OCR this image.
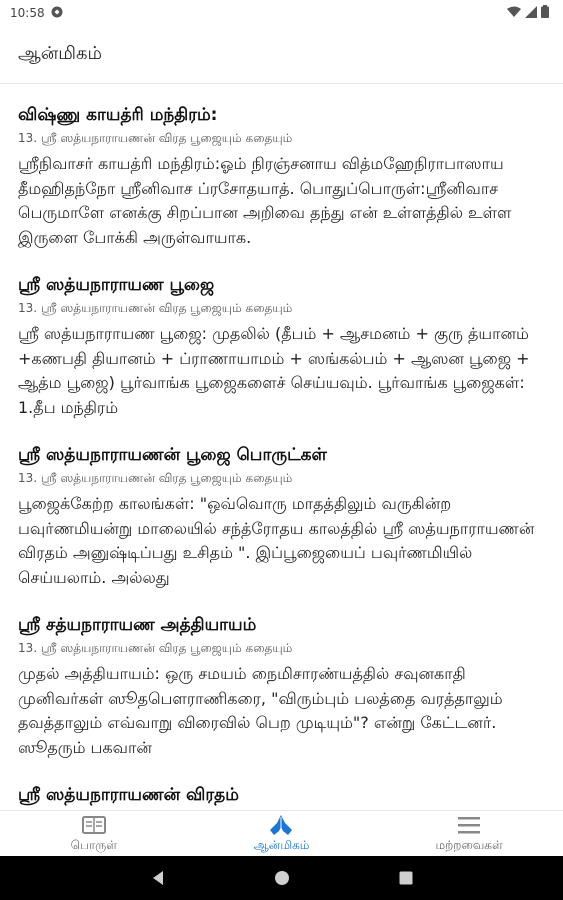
10:58
ஆன்மிகம்
விஷ்ணு காயத்ரி மந்திரம்:
13. ஸ்ரீ ஸத்யநாராயணன் விரத பூஜையும் கதையும்
ஸ்ரீநிவாசர் காயத்ரி மந்திரம்:ஓம் நிரஞ்சனாய வித்மஹேநிராபாஸாய தீமஹிதந்நோ ஸ்ரீனிவாச ப்ரசோதயாத். பொதுப்பொருள்:ஸ்ரீனிவாச பெருமாளே எனக்கு சிறப்பான அறிவை தந்து என் உள்ளத்தில் உள்ள இருளை போக்கி அருள்வாயாக.
ஸ்ரீ ஸத்யநாராயண பூஜை
13. ஸ்ரீ ஸத்யநாராயணன் விரத பூஜையும் கதையும்
ஸ்ரீ ஸத்யநாராயண பூஜை: முதலில் (தீபம் + ஆசமனம் + குரு த்யானம் +கணபதி தியானம் + ப்ராணாயாமம் + ஸங்கல்பம் + ஆஸன பூஜை + ஆத்ம பூஜை) பூர்வாங்க பூஜைகளைச் செய்யவும். பூர்வாங்க பூஜைகள்: 1.தீப மந்திரம்
ஸ்ரீ ஸத்யநாராயணன் பூஜை பொருட்கள்
13. ஸ்ரீ ஸத்யநாராயணன் விரத பூஜையும் கதையும்
பூஜைக்கேற்ற காலங்கள்: "ஒவ்வொரு மாதத்திலும் வருகின்ற பவுர்ணமியன்று மாலையில் சந்த்ரோதய காலத்தில் ஸ்ரீ ஸத்யநாராயணன் விரதம் அனுஷ்டிப்பது உசிதம் ". இப்பூஜையைப் பவுர்ணமியில் செய்யலாம். அல்லது
ஸ்ரீ சத்யநாராயண அத்தியாயம்
13. ஸ்ரீ ஸத்யநாராயணன் விரத பூஜையும் கதையும்
முதல் அத்தியாயம்: ஒரு சமயம் நைமிசாரண்யத்தில் சவுனகாதி முனிவர்கள் ஸூதபௌராணிகரை, "விரும்பும் பலத்தை வரத்தாலும் தவத்தாலும் எவ்வாறு விரைவில் பெற முடியும்"? என்று கேட்டனர். ஸூதரும் பகவான்
ஸ்ரீ ஸத்யநாராயணன் விரதம்
பொருள்	ஆன்மிகம்	மற்றவைகள்
